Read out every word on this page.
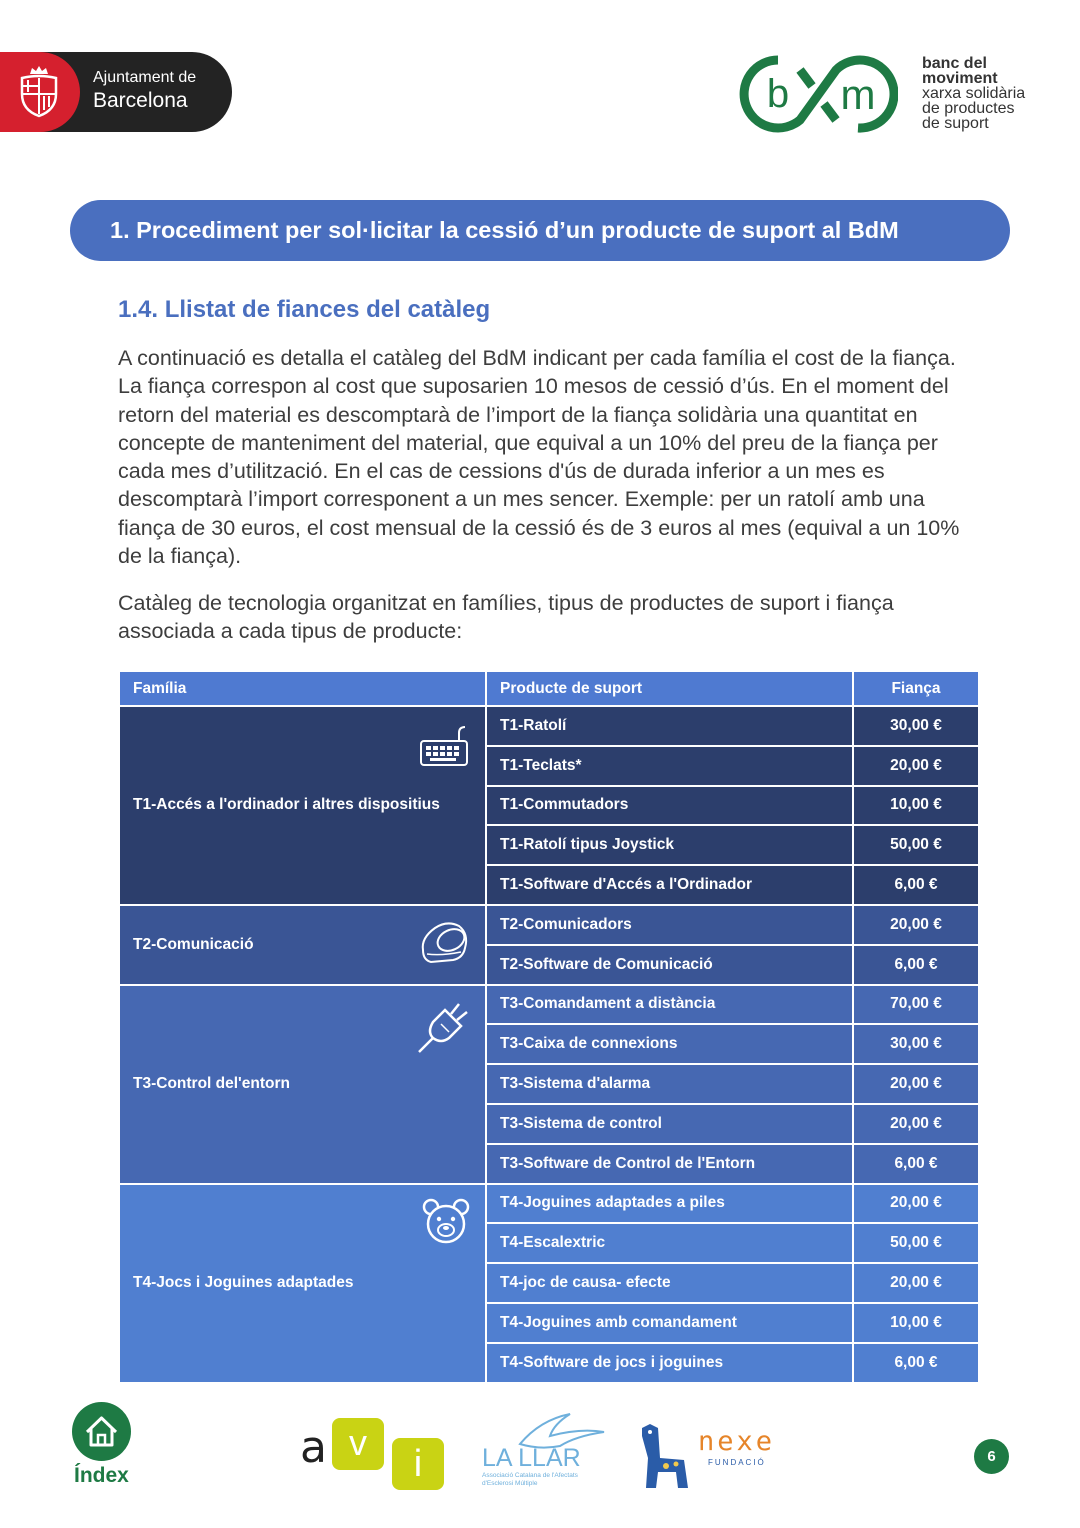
Ajuntament de
Barcelona	b m
banc del
moviment
xarxa solidària
de productes
de suport
1. Procediment per sol·licitar la cessió d’un producte de suport al BdM
1.4. Llistat de fiances del catàleg

A continuació es detalla el catàleg del BdM indicant per cada família el cost de la fiança. La fiança correspon al cost que suposarien 10 mesos de cessió d’ús. En el moment del retorn del material es descomptarà de l’import de la fiança solidària una quantitat en concepte de manteniment del material, que equival a un 10% del preu de la fiança per cada mes d’utilització. En el cas de cessions d'ús de durada inferior a un mes es descomptarà l’import corresponent a un mes sencer. Exemple: per un ratolí amb una fiança de 30 euros, el cost mensual de la cessió és de 3 euros al mes (equival a un 10% de la fiança).

Catàleg de tecnologia organitzat en famílies, tipus de productes de suport i fiança associada a cada tipus de producte:

Família	Producte de suport	Fiança
T1-Accés a l'ordinador i altres dispositius	T1-Ratolí	30,00 €
	T1-Teclats*	20,00 €
	T1-Commutadors	10,00 €
	T1-Ratolí tipus Joystick	50,00 €
	T1-Software d'Accés a l'Ordinador	6,00 €
T2-Comunicació	T2-Comunicadors	20,00 €
	T2-Software de Comunicació	6,00 €
T3-Control del'entorn	T3-Comandament a distància	70,00 €
	T3-Caixa de connexions	30,00 €
	T3-Sistema d'alarma	20,00 €
	T3-Sistema de control	20,00 €
	T3-Software de Control de l'Entorn	6,00 €
T4-Jocs i Joguines adaptades	T4-Joguines adaptades a piles	20,00 €
	T4-Escalextric	50,00 €
	T4-joc de causa- efecte	20,00 €
	T4-Joguines amb comandament	10,00 €
	T4-Software de jocs i joguines	6,00 €
Índex
a v
i	LA LLAR
Associació Catalana de l'Afectats d'Esclerosi Múltiple
nexe
FUNDACIÓ	6
